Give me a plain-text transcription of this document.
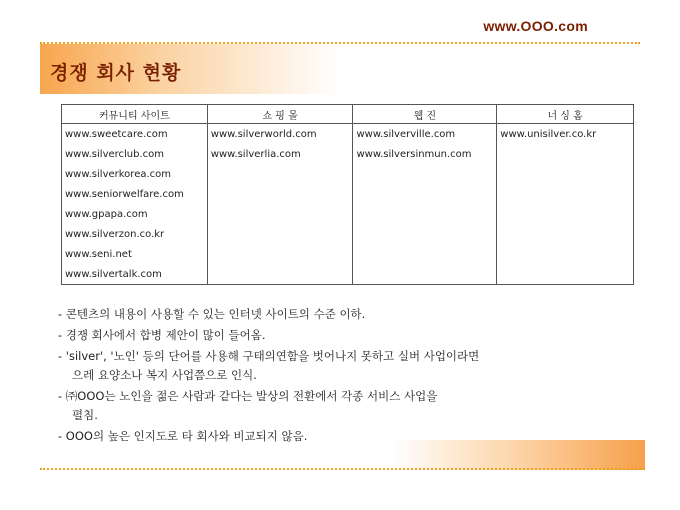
www.OOO.com
경쟁 회사 현황
커뮤니티 사이트	쇼 핑 몰	웹 진	너 싱 홈
www.sweetcare.com	www.silverworld.com	www.silverville.com	www.unisilver.co.kr
www.silverclub.com	www.silverlia.com	www.silversinmun.com	
www.silverkorea.com			
www.seniorwelfare.com			
www.gpapa.com			
www.silverzon.co.kr			
www.seni.net			
www.silvertalk.com			
- 콘텐츠의 내용이 사용할 수 있는 인터넷 사이트의 수준 이하.
- 경쟁 회사에서 합병 제안이 많이 들어옴.
- 'silver', '노인' 등의 단어를 사용해 구태의연함을 벗어나지 못하고 실버 사업이라면
으레 요양소나 복지 사업쯤으로 인식.
- ㈜OOO는 노인을 젊은 사람과 같다는 발상의 전환에서 각종 서비스 사업을
펼침.
- OOO의 높은 인지도로 타 회사와 비교되지 않음.
